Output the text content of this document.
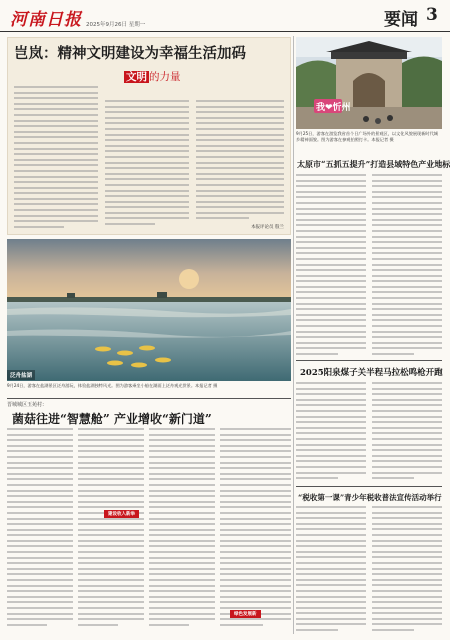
河南日报 2025年9月26日 星期一	要闻 3
岂岚：精神文明建设为幸福生活加码
文明 的力量
本报评论员 殷兰
我❤忻州
9月25日，游客在游览我省首个日广场外的景观区，以文化风貌展现新时代城乡精神面貌。图为游客在参观拍照打卡。本报记者 摄
太原市“五抓五提升”打造县域特色产业地标
2025阳泉煤子关半程马拉松鸣枪开跑
“税收第一课”青少年税收普法宣传活动举行
泛舟盐湖
9月24日，游客在盐湖景区泛舟游玩，体验盐湖独特风光。图为游客乘坐小船在湖面上泛舟观光赏景。本报记者 摄
晋城城区玉苑村：
菌菇往进“智慧舱” 产业增收“新门道”
建设收入新举
绿色发展新
